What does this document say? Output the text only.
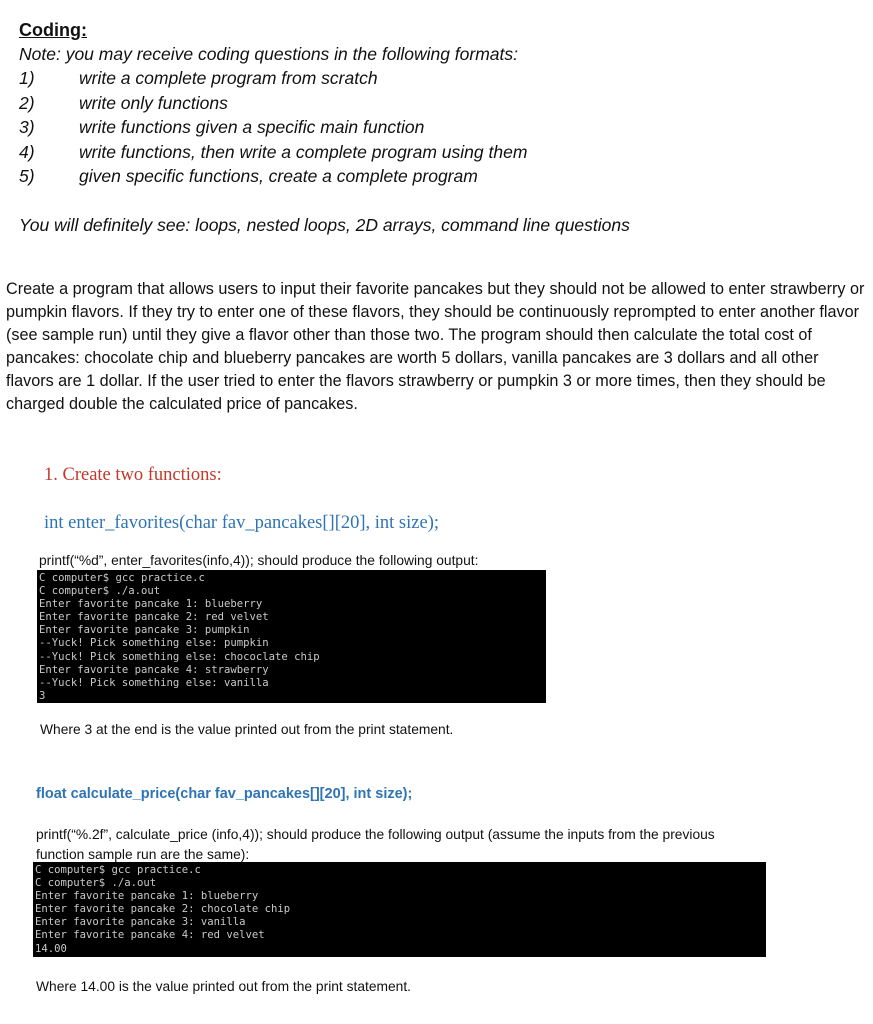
Coding:
Note: you may receive coding questions in the following formats:
1)	write a complete program from scratch
2)	write only functions
3)	write functions given a specific main function
4)	write functions, then write a complete program using them
5)	given specific functions, create a complete program
You will definitely see: loops, nested loops, 2D arrays, command line questions
Create a program that allows users to input their favorite pancakes but they should not be allowed to enter strawberry or pumpkin flavors. If they try to enter one of these flavors, they should be continuously reprompted to enter another flavor (see sample run) until they give a flavor other than those two. The program should then calculate the total cost of pancakes: chocolate chip and blueberry pancakes are worth 5 dollars, vanilla pancakes are 3 dollars and all other flavors are 1 dollar. If the user tried to enter the flavors strawberry or pumpkin 3 or more times, then they should be charged double the calculated price of pancakes.
1. Create two functions:
int enter_favorites(char fav_pancakes[][20], int size);
printf(“%d”, enter_favorites(info,4)); should produce the following output:
C computer$ gcc practice.c
C computer$ ./a.out
Enter favorite pancake 1: blueberry
Enter favorite pancake 2: red velvet
Enter favorite pancake 3: pumpkin
--Yuck! Pick something else: pumpkin
--Yuck! Pick something else: chococlate chip
Enter favorite pancake 4: strawberry
--Yuck! Pick something else: vanilla
3
Where 3 at the end is the value printed out from the print statement.
float calculate_price(char fav_pancakes[][20], int size);
printf(“%.2f”, calculate_price (info,4)); should produce the following output (assume the inputs from the previous function sample run are the same):
C computer$ gcc practice.c
C computer$ ./a.out
Enter favorite pancake 1: blueberry
Enter favorite pancake 2: chocolate chip
Enter favorite pancake 3: vanilla
Enter favorite pancake 4: red velvet
14.00
Where 14.00 is the value printed out from the print statement.
